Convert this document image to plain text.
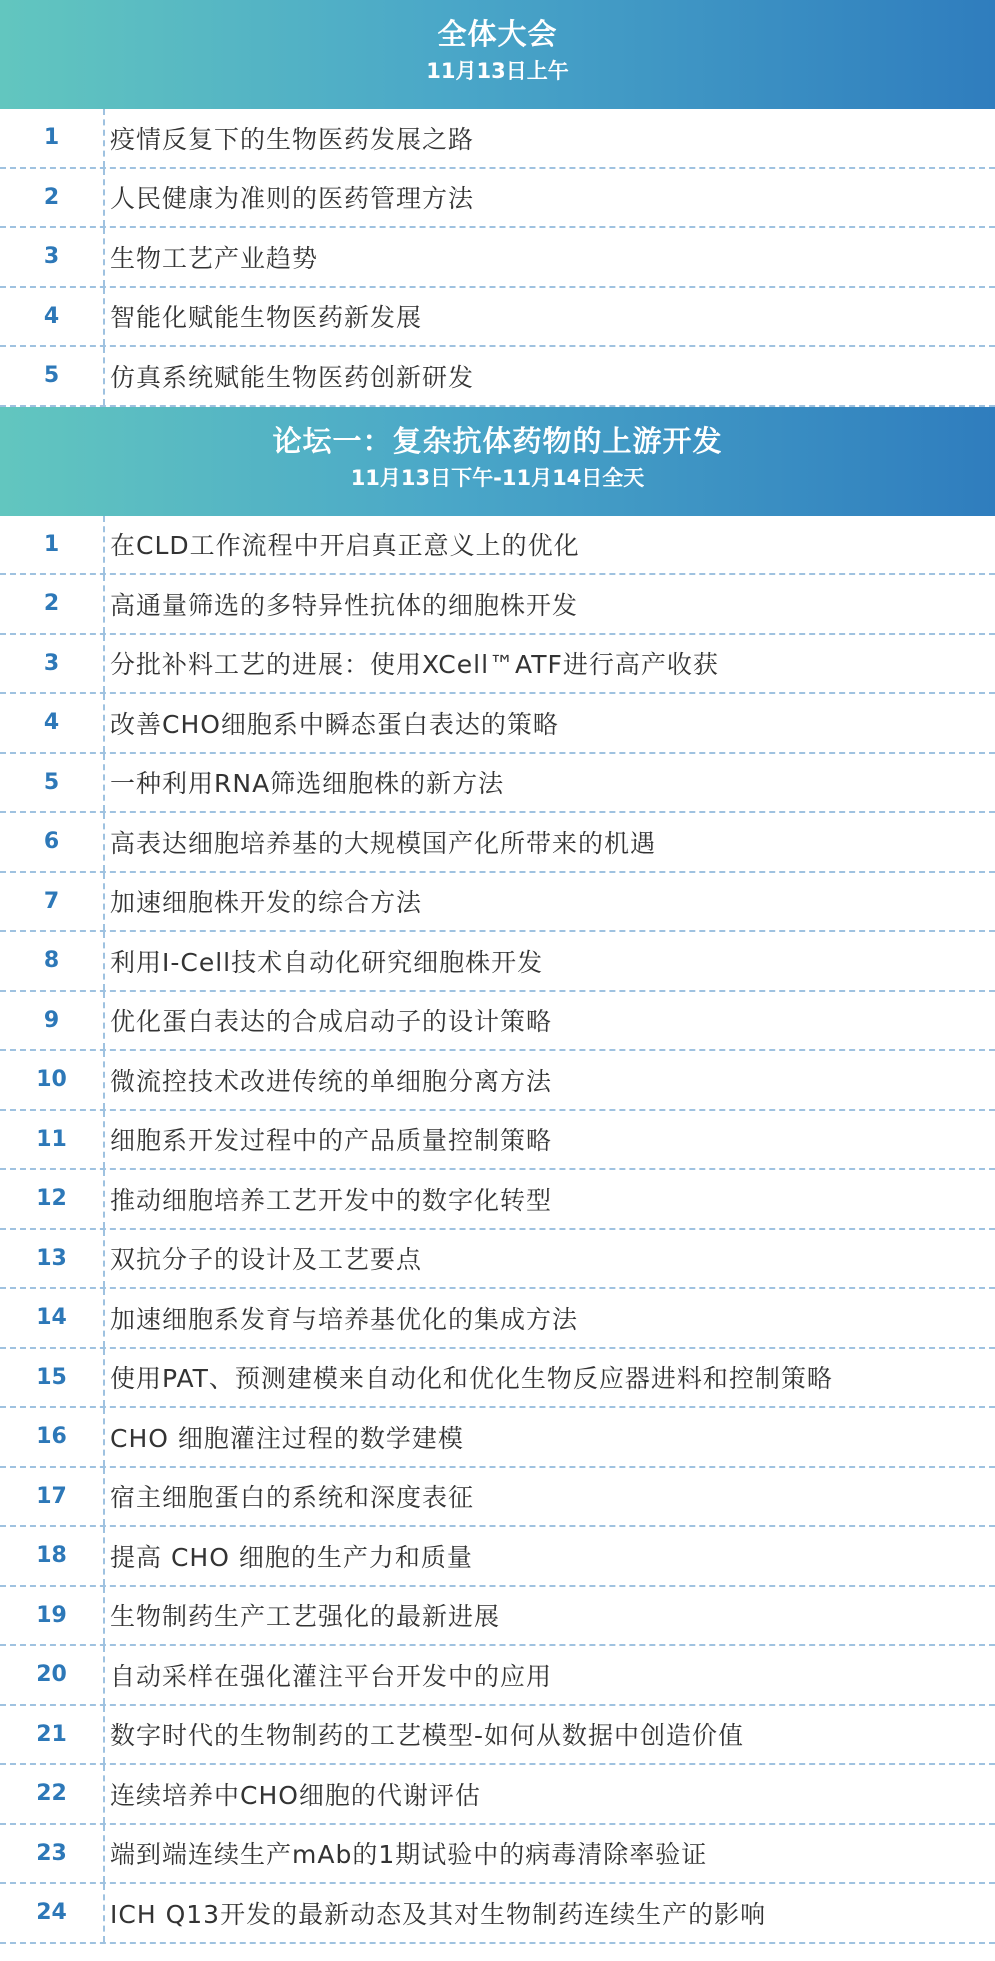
全体大会
11月13日上午
1	疫情反复下的生物医药发展之路
2	人民健康为准则的医药管理方法
3	生物工艺产业趋势
4	智能化赋能生物医药新发展
5	仿真系统赋能生物医药创新研发
论坛一：复杂抗体药物的上游开发
11月13日下午-11月14日全天
1	在CLD工作流程中开启真正意义上的优化
2	高通量筛选的多特异性抗体的细胞株开发
3	分批补料工艺的进展：使用XCell™ATF进行高产收获
4	改善CHO细胞系中瞬态蛋白表达的策略
5	一种利用RNA筛选细胞株的新方法
6	高表达细胞培养基的大规模国产化所带来的机遇
7	加速细胞株开发的综合方法
8	利用I-Cell技术自动化研究细胞株开发
9	优化蛋白表达的合成启动子的设计策略
10	微流控技术改进传统的单细胞分离方法
11	细胞系开发过程中的产品质量控制策略
12	推动细胞培养工艺开发中的数字化转型
13	双抗分子的设计及工艺要点
14	加速细胞系发育与培养基优化的集成方法
15	使用PAT、预测建模来自动化和优化生物反应器进料和控制策略
16	CHO 细胞灌注过程的数学建模
17	宿主细胞蛋白的系统和深度表征
18	提高 CHO 细胞的生产力和质量
19	生物制药生产工艺强化的最新进展
20	自动采样在强化灌注平台开发中的应用
21	数字时代的生物制药的工艺模型-如何从数据中创造价值
22	连续培养中CHO细胞的代谢评估
23	端到端连续生产mAb的1期试验中的病毒清除率验证
24	ICH Q13开发的最新动态及其对生物制药连续生产的影响
